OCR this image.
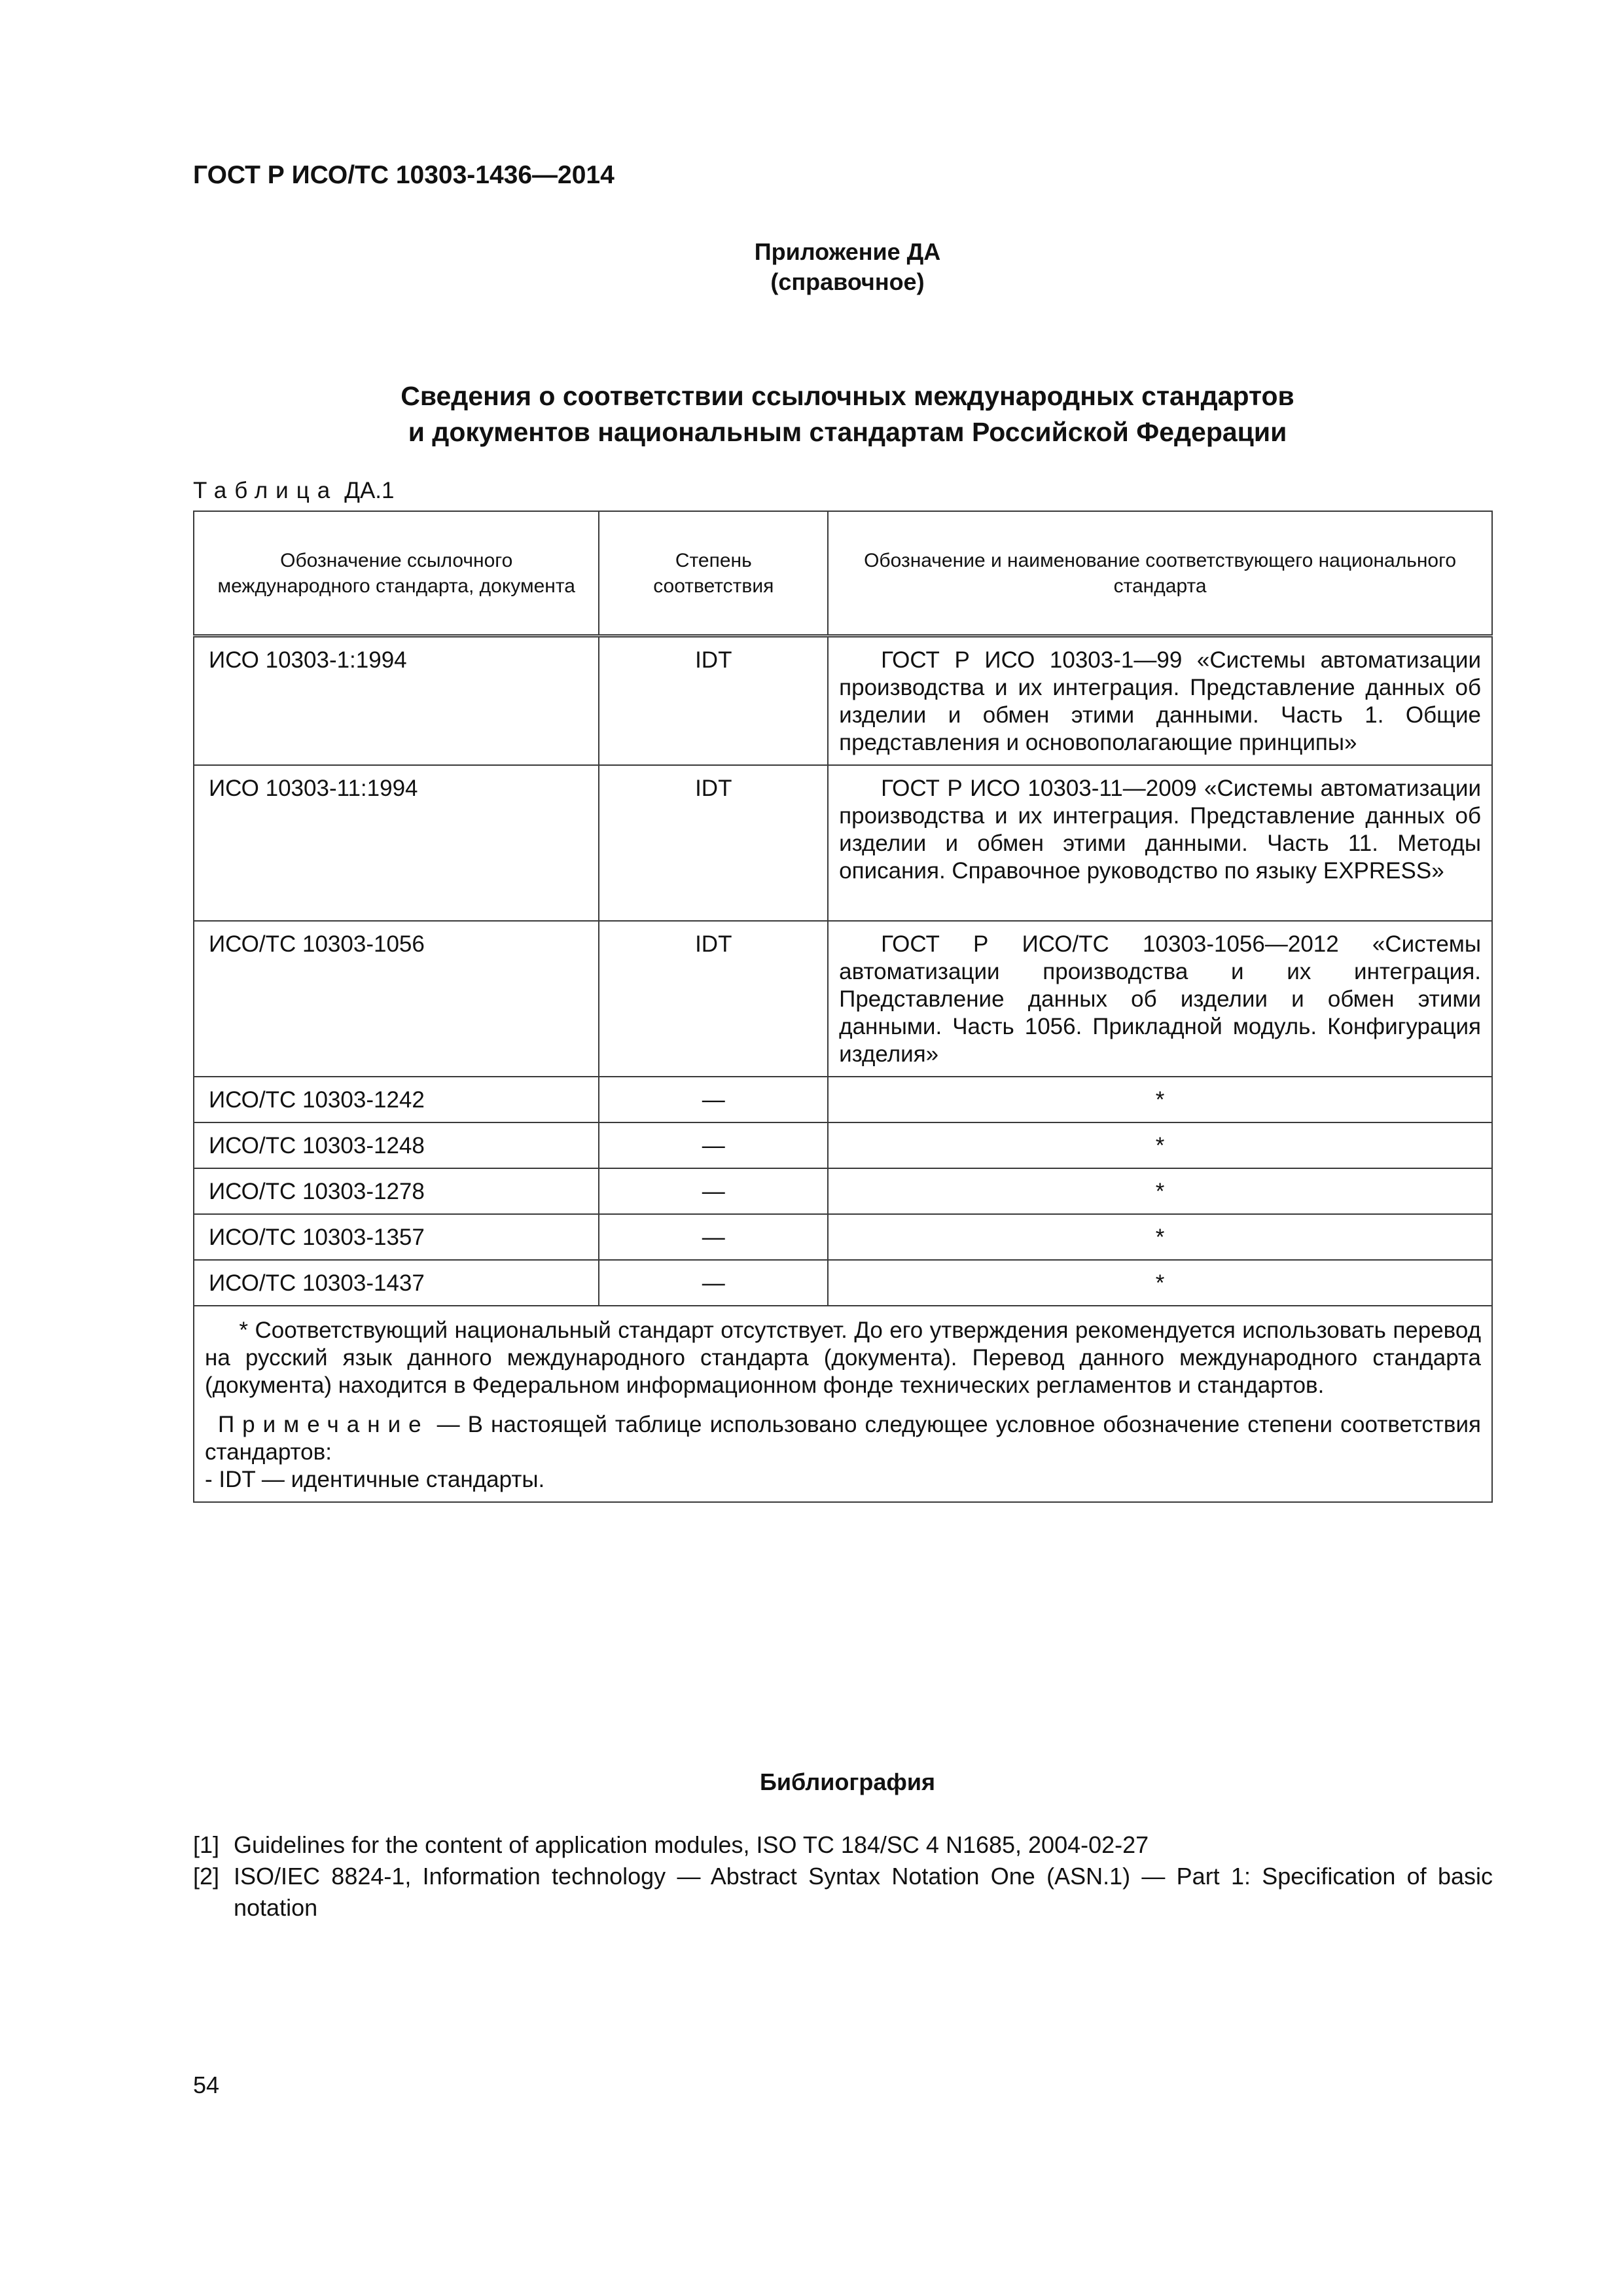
ГОСТ Р ИСО/ТС 10303-1436—2014
Приложение ДА
(справочное)
Сведения о соответствии ссылочных международных стандартов
и документов национальным стандартам Российской Федерации
Таблица ДА.1
Обозначение ссылочного международного стандарта, документа	Степень соответствия	Обозначение и наименование соответствующего национального стандарта
ИСО 10303-1:1994	IDT	ГОСТ Р ИСО 10303-1—99 «Системы автоматизации производства и их интеграция. Представление данных об изделии и обмен этими данными. Часть 1. Общие представления и основополагающие принципы»
ИСО 10303-11:1994	IDT	ГОСТ Р ИСО 10303-11—2009 «Системы автоматизации производства и их интеграция. Представление данных об изделии и обмен этими данными. Часть 11. Методы описания. Справочное руководство по языку EXPRESS»
ИСО/ТС 10303-1056	IDT	ГОСТ Р ИСО/ТС 10303-1056—2012 «Системы автоматизации производства и их интеграция. Представление данных об изделии и обмен этими данными. Часть 1056. Прикладной модуль. Конфигурация изделия»
ИСО/ТС 10303-1242	—	*
ИСО/ТС 10303-1248	—	*
ИСО/ТС 10303-1278	—	*
ИСО/ТС 10303-1357	—	*
ИСО/ТС 10303-1437	—	*

* Соответствующий национальный стандарт отсутствует. До его утверждения рекомендуется использовать перевод на русский язык данного международного стандарта (документа). Перевод данного международного стандарта (документа) находится в Федеральном информационном фонде технических регламентов и стандартов.
Примечание — В настоящей таблице использовано следующее условное обозначение степени соответствия стандартов:
- IDT — идентичные стандарты.		
Библиография
[1] Guidelines for the content of application modules, ISO TC 184/SC 4 N1685, 2004-02-27
[2] ISO/IEC 8824-1, Information technology — Abstract Syntax Notation One (ASN.1) — Part 1: Specification of basic notation
54
